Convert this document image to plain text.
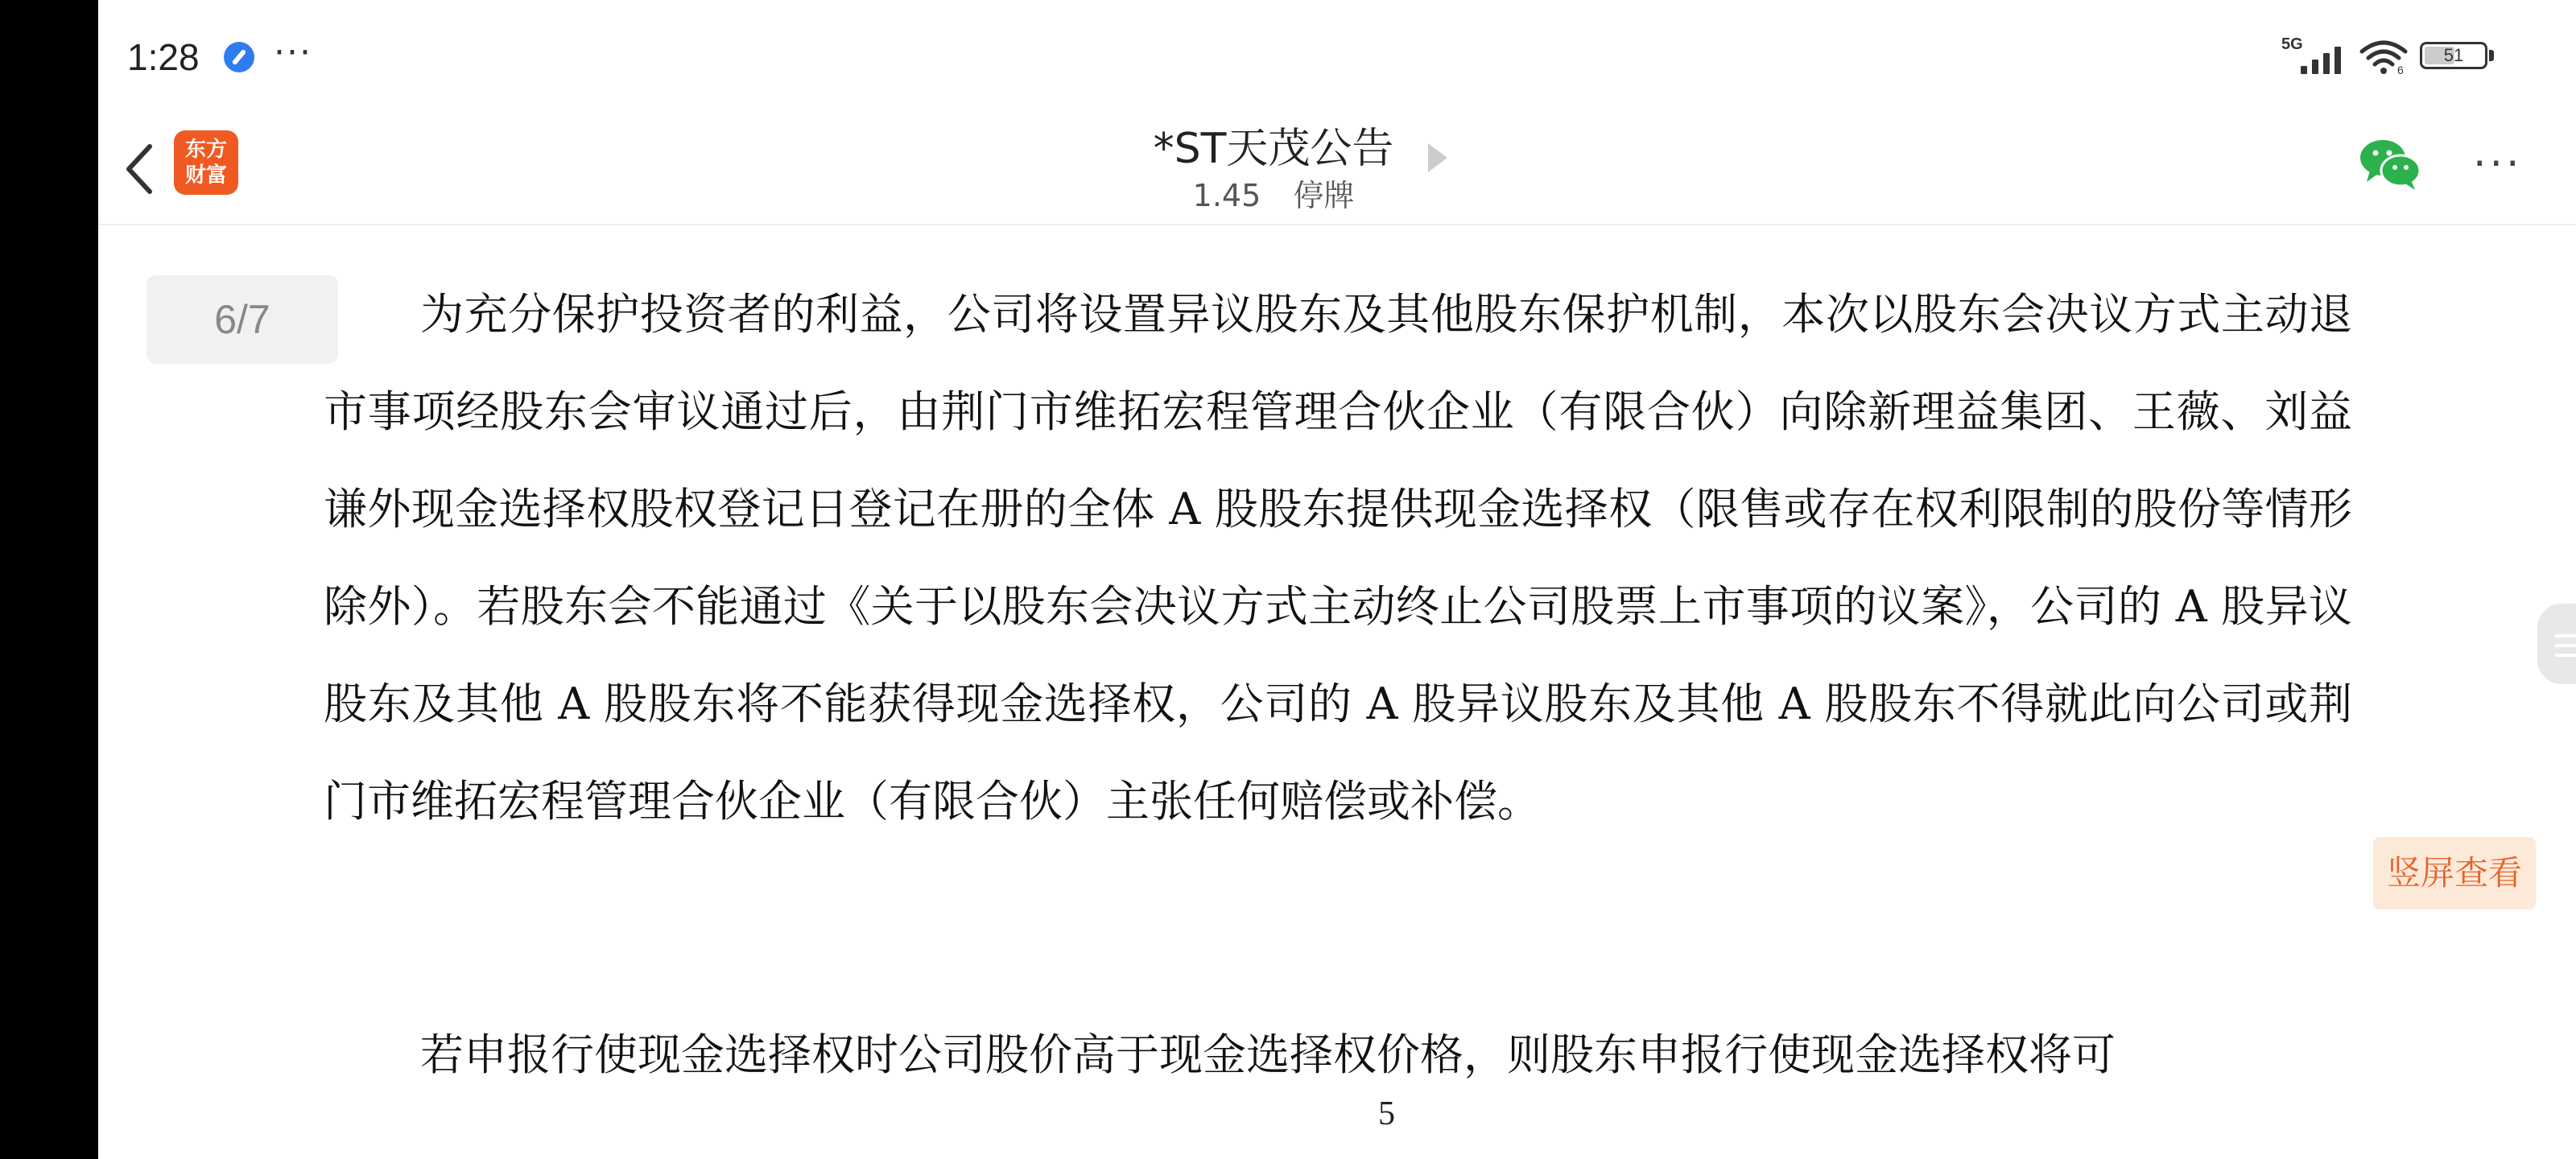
1:28 ···	5G
6
51
东方
财富
*ST天茂公告
1.45 停牌
···
6/7	为充分保护投资者的利益，公司将设置异议股东及其他股东保护机制，本次以股东会决议方式主动退市事项经股东会审议通过后，由荆门市维拓宏程管理合伙企业（有限合伙）向除新理益集团、王薇、刘益谦外现金选择权股权登记日登记在册的全体 A 股股东提供现金选择权（限售或存在权利限制的股份等情形除外）。若股东会不能通过《关于以股东会决议方式主动终止公司股票上市事项的议案》，公司的 A 股异议股东及其他 A 股股东将不能获得现金选择权，公司的 A 股异议股东及其他 A 股股东不得就此向公司或荆门市维拓宏程管理合伙企业（有限合伙）主张任何赔偿或补偿。

若申报行使现金选择权时公司股价高于现金选择权价格，则股东申报行使现金选择权将可

5
竖屏查看
